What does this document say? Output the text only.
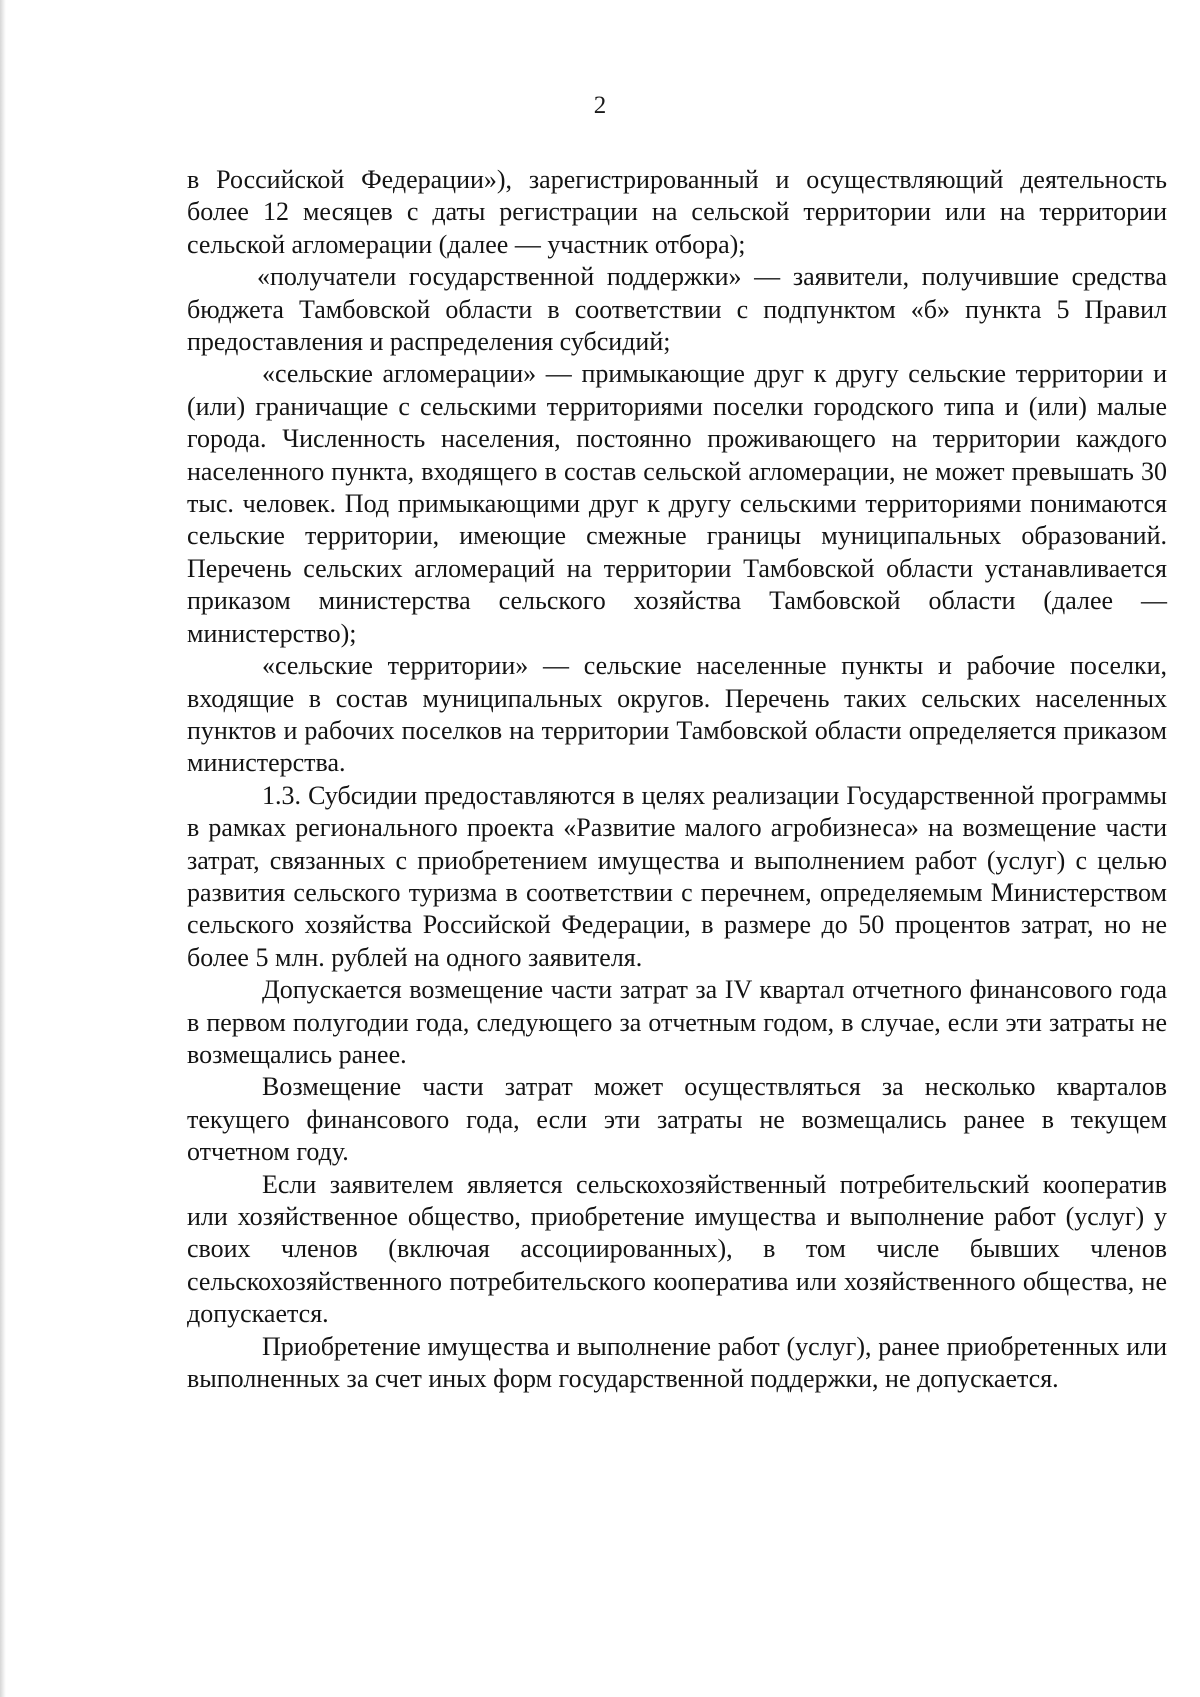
2

в Российской Федерации»), зарегистрированный и осуществляющий деятельность более 12 месяцев с даты регистрации на сельской территории или на территории сельской агломерации (далее — участник отбора);

«получатели государственной поддержки» — заявители, получившие средства бюджета Тамбовской области в соответствии с подпунктом «б» пункта 5 Правил предоставления и распределения субсидий;

«сельские агломерации» — примыкающие друг к другу сельские территории и (или) граничащие с сельскими территориями поселки городского типа и (или) малые города. Численность населения, постоянно проживающего на территории каждого населенного пункта, входящего в состав сельской агломерации, не может превышать 30 тыс. человек. Под примыкающими друг к другу сельскими территориями понимаются сельские территории, имеющие смежные границы муниципальных образований. Перечень сельских агломераций на территории Тамбовской области устанавливается приказом министерства сельского хозяйства Тамбовской области (далее — министерство);

«сельские территории» — сельские населенные пункты и рабочие поселки, входящие в состав муниципальных округов. Перечень таких сельских населенных пунктов и рабочих поселков на территории Тамбовской области определяется приказом министерства.

1.3. Субсидии предоставляются в целях реализации Государственной программы в рамках регионального проекта «Развитие малого агробизнеса» на возмещение части затрат, связанных с приобретением имущества и выполнением работ (услуг) с целью развития сельского туризма в соответствии с перечнем, определяемым Министерством сельского хозяйства Российской Федерации, в размере до 50 процентов затрат, но не более 5 млн. рублей на одного заявителя.

Допускается возмещение части затрат за IV квартал отчетного финансового года в первом полугодии года, следующего за отчетным годом, в случае, если эти затраты не возмещались ранее.

Возмещение части затрат может осуществляться за несколько кварталов текущего финансового года, если эти затраты не возмещались ранее в текущем отчетном году.

Если заявителем является сельскохозяйственный потребительский кооператив или хозяйственное общество, приобретение имущества и выполнение работ (услуг) у своих членов (включая ассоциированных), в том числе бывших членов сельскохозяйственного потребительского кооператива или хозяйственного общества, не допускается.

Приобретение имущества и выполнение работ (услуг), ранее приобретенных или выполненных за счет иных форм государственной поддержки, не допускается.
